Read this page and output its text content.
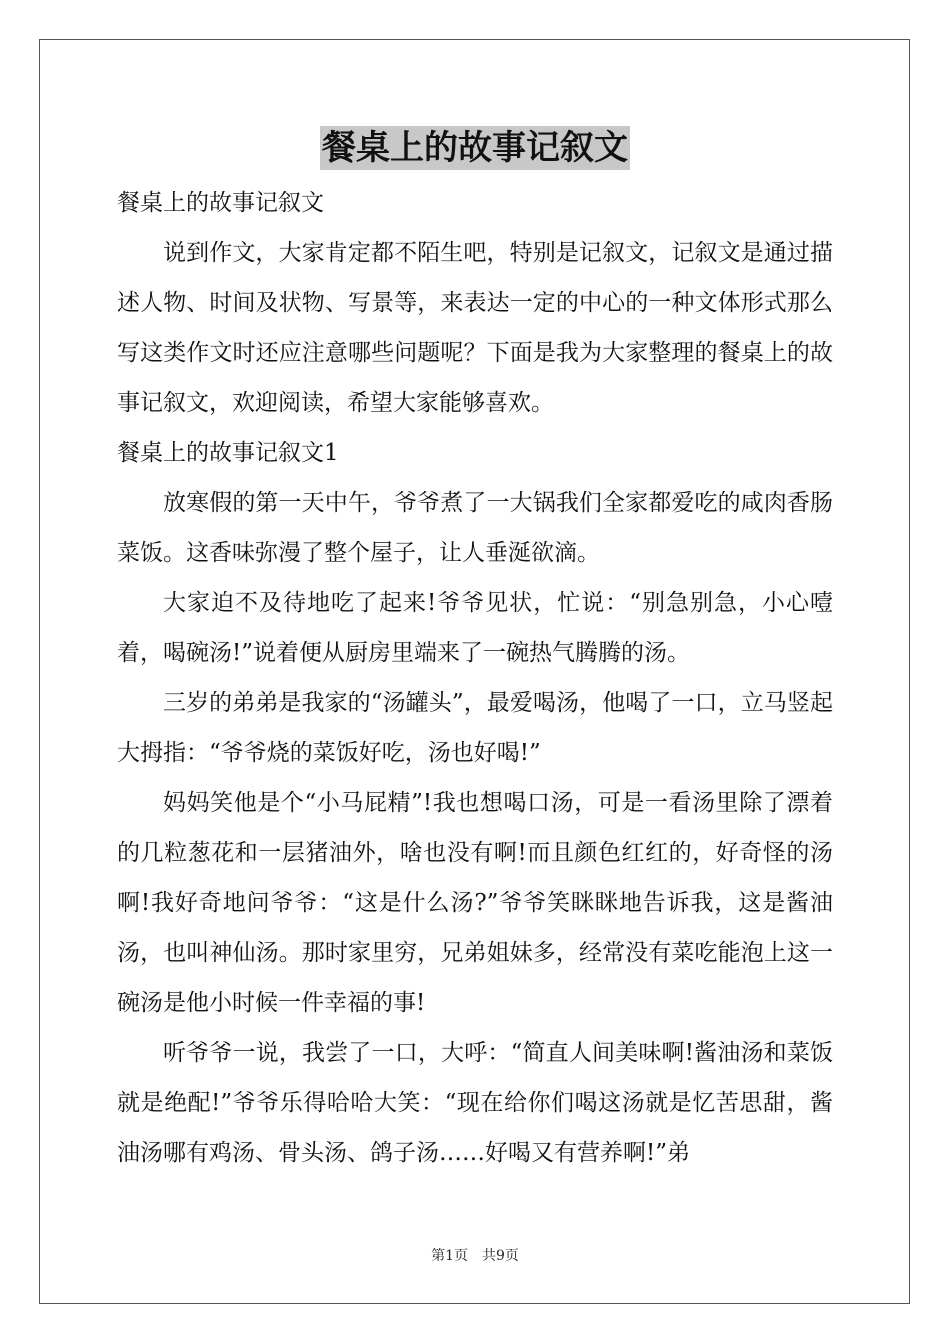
餐桌上的故事记叙文
餐桌上的故事记叙文

说到作文，大家肯定都不陌生吧，特别是记叙文，记叙文是通过描述人物、时间及状物、写景等，来表达一定的中心的一种文体形式那么写这类作文时还应注意哪些问题呢？下面是我为大家整理的餐桌上的故事记叙文，欢迎阅读，希望大家能够喜欢。

餐桌上的故事记叙文1

放寒假的第一天中午，爷爷煮了一大锅我们全家都爱吃的咸肉香肠菜饭。这香味弥漫了整个屋子，让人垂涎欲滴。

大家迫不及待地吃了起来!爷爷见状，忙说：“别急别急，小心噎着，喝碗汤!”说着便从厨房里端来了一碗热气腾腾的汤。

三岁的弟弟是我家的“汤罐头”，最爱喝汤，他喝了一口，立马竖起大拇指：“爷爷烧的菜饭好吃，汤也好喝!”

妈妈笑他是个“小马屁精”!我也想喝口汤，可是一看汤里除了漂着的几粒葱花和一层猪油外，啥也没有啊!而且颜色红红的，好奇怪的汤啊!我好奇地问爷爷：“这是什么汤?”爷爷笑眯眯地告诉我，这是酱油汤，也叫神仙汤。那时家里穷，兄弟姐妹多，经常没有菜吃能泡上这一碗汤是他小时候一件幸福的事!

听爷爷一说，我尝了一口，大呼：“简直人间美味啊!酱油汤和菜饭就是绝配!”爷爷乐得哈哈大笑：“现在给你们喝这汤就是忆苦思甜，酱油汤哪有鸡汤、骨头汤、鸽子汤……好喝又有营养啊!”弟

第1页　共9页
